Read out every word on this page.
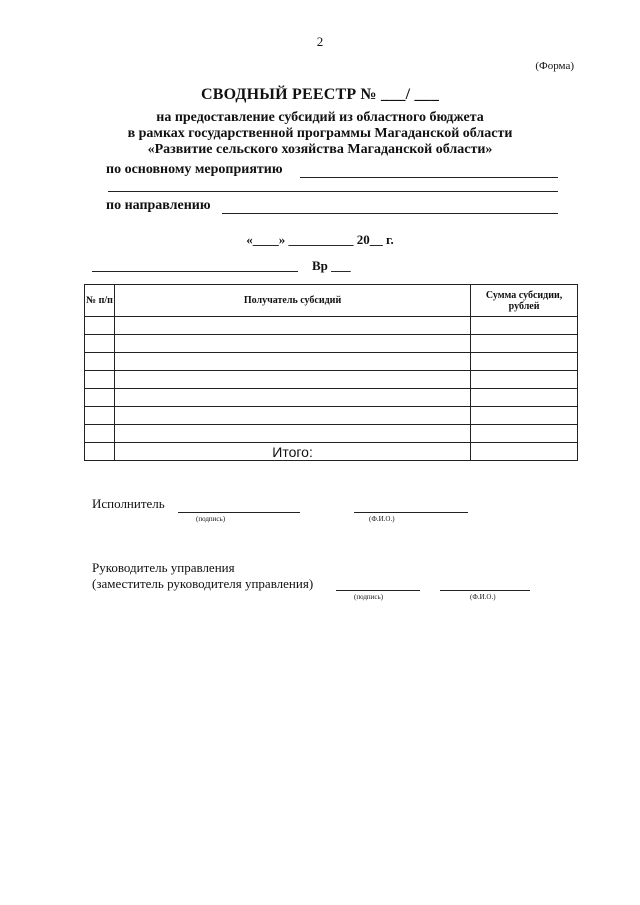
2
(Форма)
СВОДНЫЙ РЕЕСТР № ___/ ___
на предоставление субсидий из областного бюджета
в рамках государственной программы Магаданской области
«Развитие сельского хозяйства Магаданской области»
по основному мероприятию
по направлению
«____» __________ 20__ г.
Вр ___
№ п/п	Получатель субсидий	Сумма субсидии, рублей

	Итого:	
Исполнитель
(подпись)	(Ф.И.О.)
Руководитель управления
(заместитель руководителя управления)
(подпись)	(Ф.И.О.)
